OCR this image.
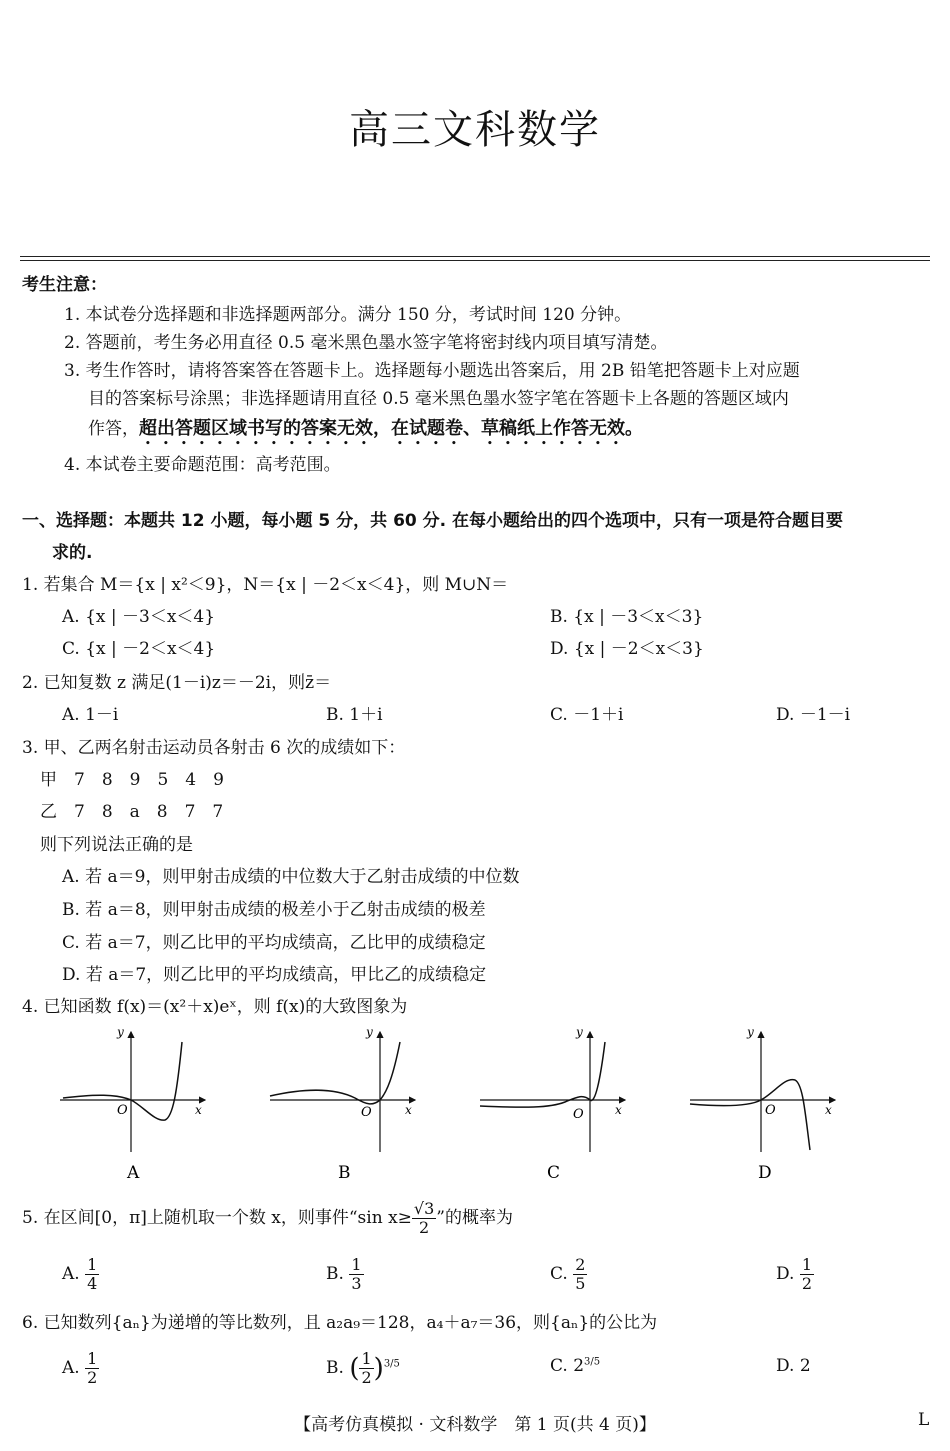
高三文科数学
考生注意：
1. 本试卷分选择题和非选择题两部分。满分 150 分，考试时间 120 分钟。
2. 答题前，考生务必用直径 0.5 毫米黑色墨水签字笔将密封线内项目填写清楚。
3. 考生作答时，请将答案答在答题卡上。选择题每小题选出答案后，用 2B 铅笔把答题卡上对应题
目的答案标号涂黑；非选择题请用直径 0.5 毫米黑色墨水签字笔在答题卡上各题的答题区域内
作答，超出答题区域书写的答案无效，在试题卷、草稿纸上作答无效。
4. 本试卷主要命题范围：高考范围。
一、选择题：本题共 12 小题，每小题 5 分，共 60 分. 在每小题给出的四个选项中，只有一项是符合题目要
求的.
1. 若集合 M＝{x | x²＜9}，N＝{x | －2＜x＜4}，则 M∪N＝
A. {x | －3＜x＜4}	B. {x | －3＜x＜3}
C. {x | －2＜x＜4}	D. {x | －2＜x＜3}
2. 已知复数 z 满足(1－i)z＝－2i，则z̄＝
A. 1－i	B. 1＋i	C. －1＋i	D. －1－i
3. 甲、乙两名射击运动员各射击 6 次的成绩如下：
甲　7　8　9　5　4　9
乙　7　8　a　8　7　7
则下列说法正确的是
A. 若 a＝9，则甲射击成绩的中位数大于乙射击成绩的中位数
B. 若 a＝8，则甲射击成绩的极差小于乙射击成绩的极差
C. 若 a＝7，则乙比甲的平均成绩高，乙比甲的成绩稳定
D. 若 a＝7，则乙比甲的平均成绩高，甲比乙的成绩稳定
4. 已知函数 f(x)＝(x²＋x)eˣ，则 f(x)的大致图象为
O	x
y
A
O	x
y
B
O	x
y
C
O	x
y
D
5. 在区间[0，π]上随机取一个数 x，则事件“sin $x\ge \frac{√3}{2}$ ”的概率为
A. $\frac{1}{4}$	B. $\frac{1}{3}$	C. $\frac{2}{5}$	D. $\frac{1}{2}$
6. 已知数列{aₙ}为递增的等比数列，且 a₂a₉＝128，a₄＋a₇＝36，则{aₙ}的公比为
A. $\frac{1}{2}$	B. ( $\frac{1}{2} )^{3/5}$	C. $2^{3/5}$	D. 2
【高考仿真模拟 · 文科数学　第 1 页(共 4 页)】	L
